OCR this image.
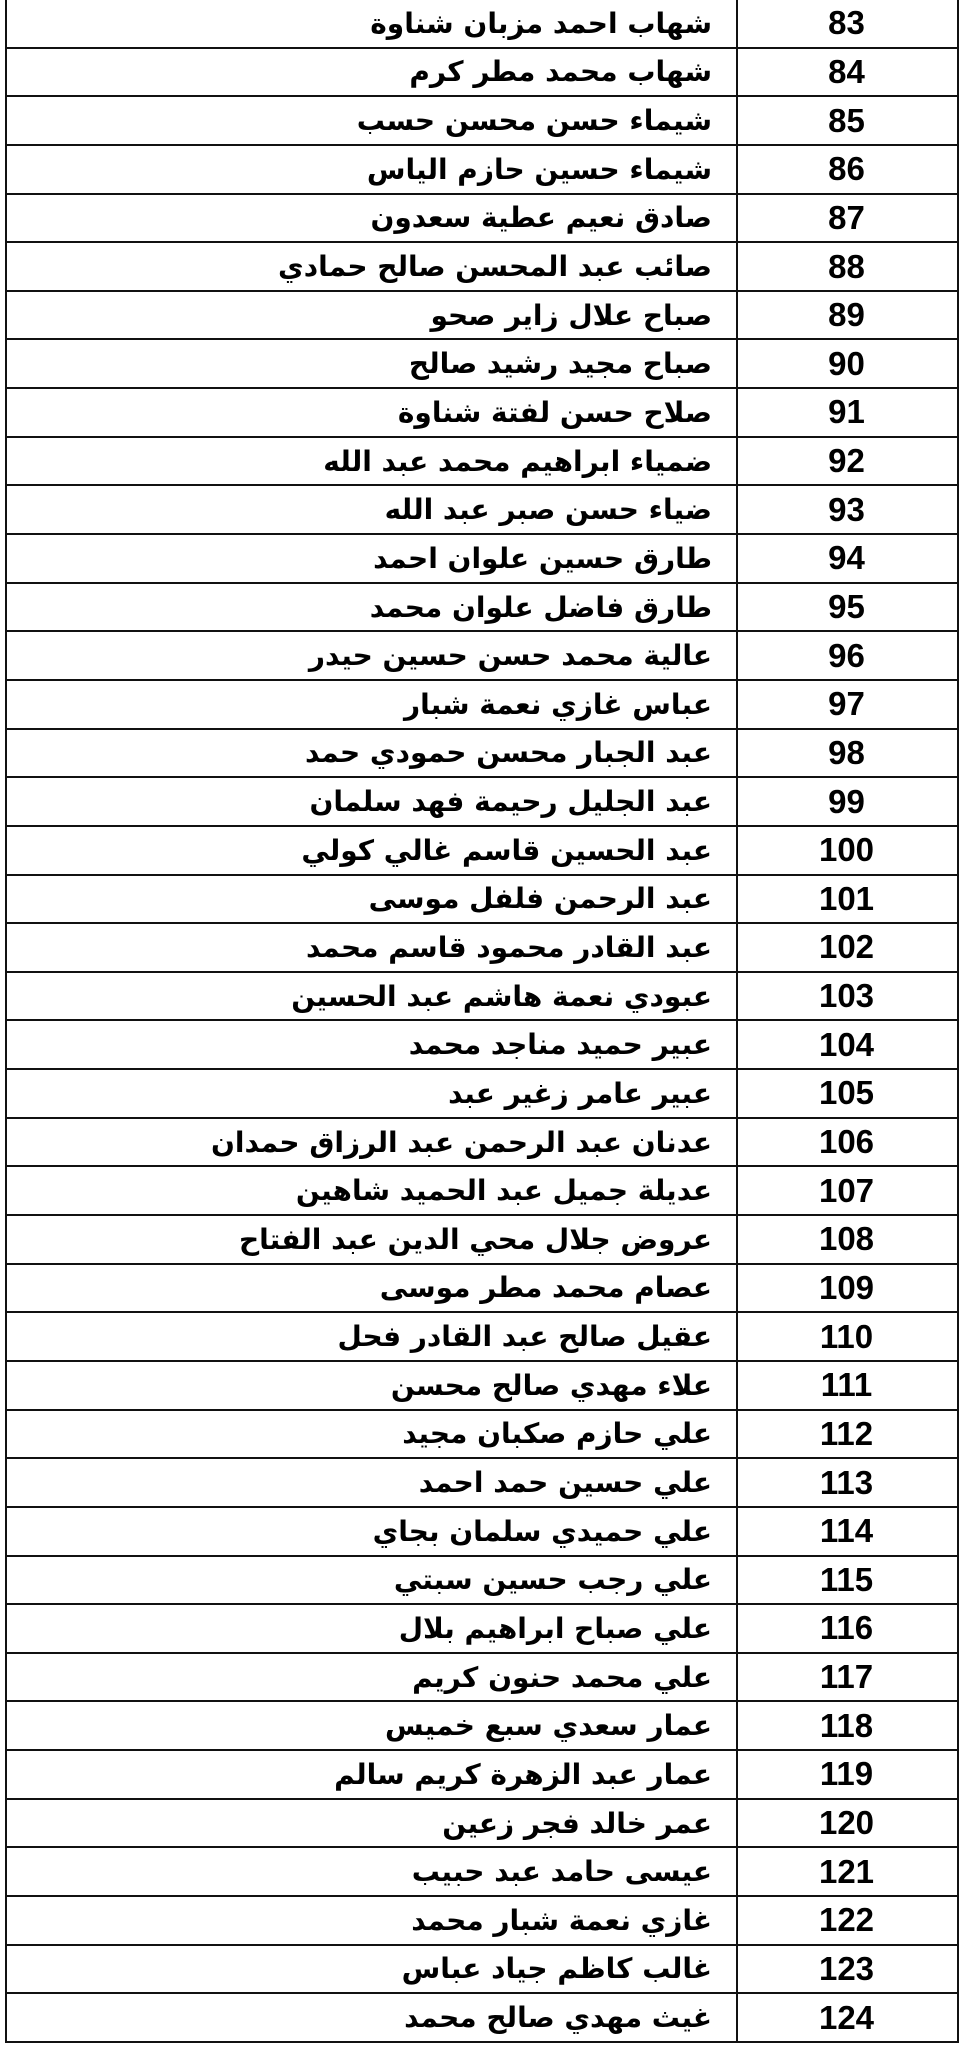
شهاب احمد مزبان شناوة	83
شهاب محمد مطر كرم	84
شيماء حسن محسن حسب	85
شيماء حسين حازم الياس	86
صادق نعيم عطية سعدون	87
صائب عبد المحسن صالح حمادي	88
صباح علال زاير صحو	89
صباح مجيد رشيد صالح	90
صلاح حسن لفتة شناوة	91
ضمياء ابراهيم محمد عبد الله	92
ضياء حسن صبر عبد الله	93
طارق حسين علوان احمد	94
طارق فاضل علوان محمد	95
عالية محمد حسن حسين حيدر	96
عباس غازي نعمة شبار	97
عبد الجبار محسن حمودي حمد	98
عبد الجليل رحيمة فهد سلمان	99
عبد الحسين قاسم غالي كولي	100
عبد الرحمن فلفل موسى	101
عبد القادر محمود قاسم محمد	102
عبودي نعمة هاشم عبد الحسين	103
عبير حميد مناجد محمد	104
عبير عامر زغير عبد	105
عدنان عبد الرحمن عبد الرزاق حمدان	106
عديلة جميل عبد الحميد شاهين	107
عروض جلال محي الدين عبد الفتاح	108
عصام محمد مطر موسى	109
عقيل صالح عبد القادر فحل	110
علاء مهدي صالح محسن	111
علي حازم صكبان مجيد	112
علي حسين حمد احمد	113
علي حميدي سلمان بجاي	114
علي رجب حسين سبتي	115
علي صباح ابراهيم بلال	116
علي محمد حنون كريم	117
عمار سعدي سبع خميس	118
عمار عبد الزهرة كريم سالم	119
عمر خالد فجر زعين	120
عيسى حامد عبد حبيب	121
غازي نعمة شبار محمد	122
غالب كاظم جياد عباس	123
غيث مهدي صالح محمد	124
